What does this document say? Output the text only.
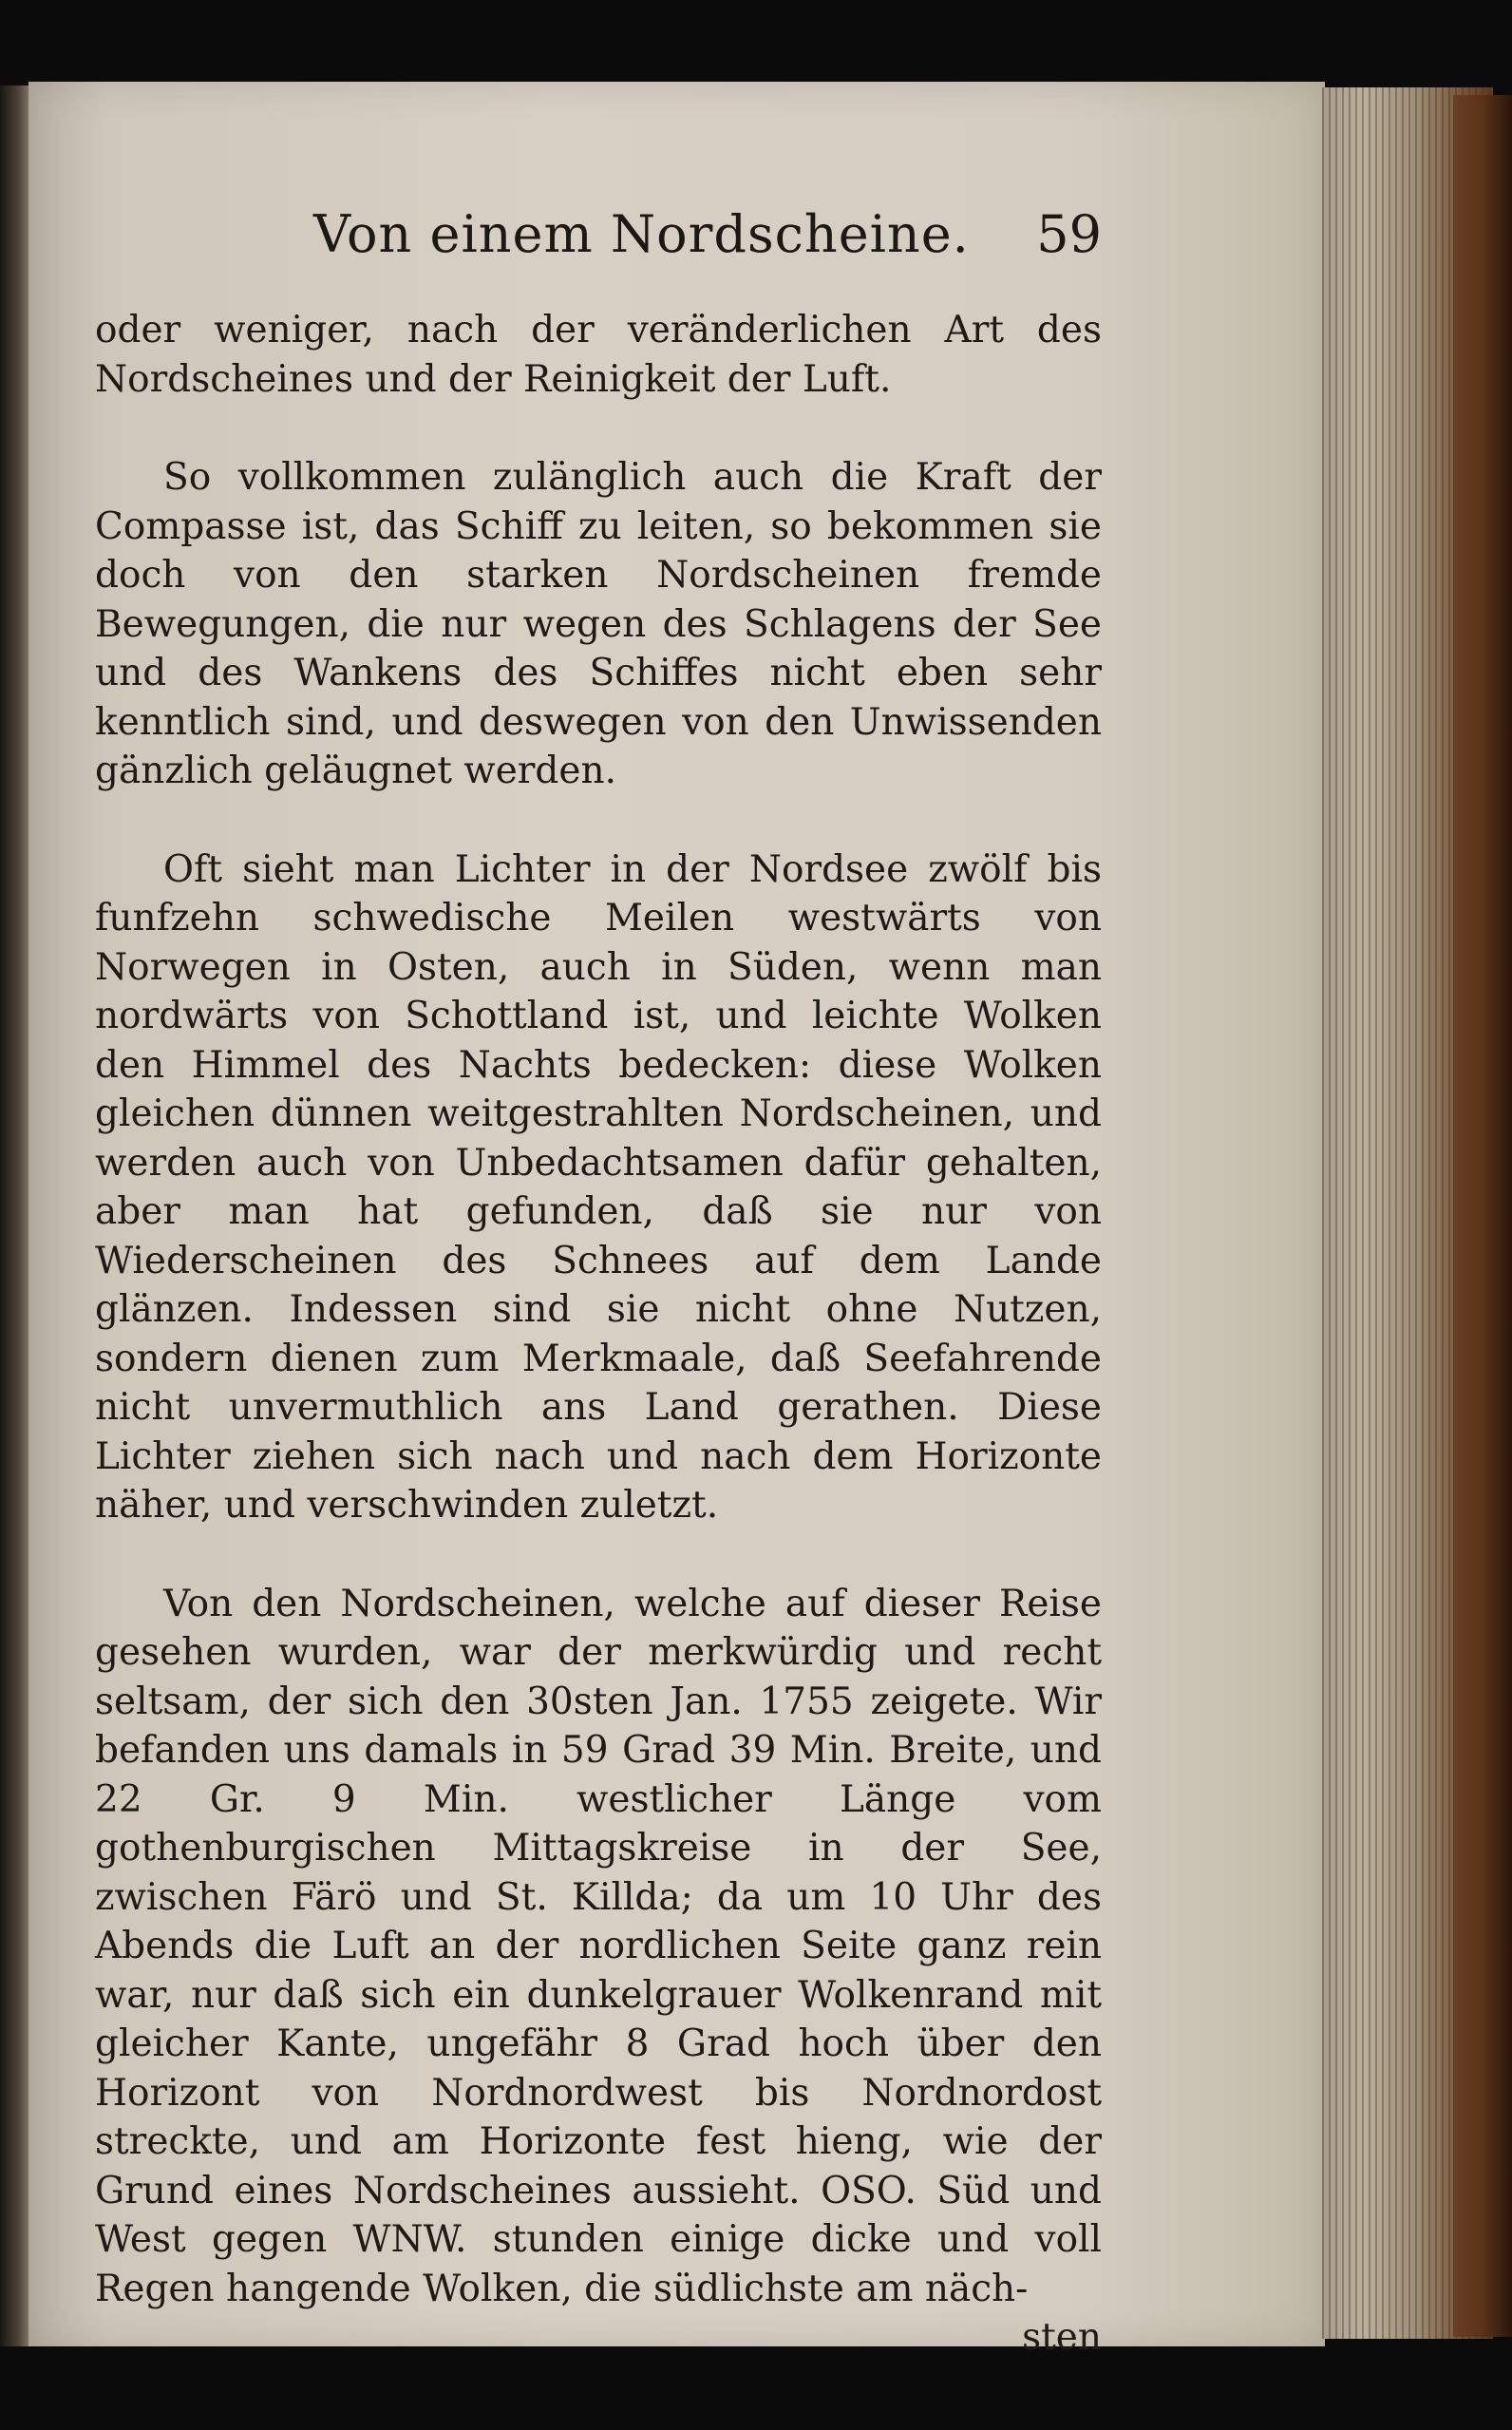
Von einem Nordscheine. 59

oder weniger, nach der veränderlichen Art des Nordscheines und der Reinigkeit der Luft.

So vollkommen zulänglich auch die Kraft der Compasse ist, das Schiff zu leiten, so bekommen sie doch von den starken Nordscheinen fremde Bewegungen, die nur wegen des Schlagens der See und des Wankens des Schiffes nicht eben sehr kenntlich sind, und deswegen von den Unwissenden gänzlich geläugnet werden.

Oft sieht man Lichter in der Nordsee zwölf bis funfzehn schwedische Meilen westwärts von Norwegen in Osten, auch in Süden, wenn man nordwärts von Schottland ist, und leichte Wolken den Himmel des Nachts bedecken: diese Wolken gleichen dünnen weitgestrahlten Nordscheinen, und werden auch von Unbedachtsamen dafür gehalten, aber man hat gefunden, daß sie nur von Wiederscheinen des Schnees auf dem Lande glänzen. Indessen sind sie nicht ohne Nutzen, sondern dienen zum Merkmaale, daß Seefahrende nicht unvermuthlich ans Land gerathen. Diese Lichter ziehen sich nach und nach dem Horizonte näher, und verschwinden zuletzt.

Von den Nordscheinen, welche auf dieser Reise gesehen wurden, war der merkwürdig und recht seltsam, der sich den 30sten Jan. 1755 zeigete. Wir befanden uns damals in 59 Grad 39 Min. Breite, und 22 Gr. 9 Min. westlicher Länge vom gothenburgischen Mittagskreise in der See, zwischen Färö und St. Killda; da um 10 Uhr des Abends die Luft an der nordlichen Seite ganz rein war, nur daß sich ein dunkelgrauer Wolkenrand mit gleicher Kante, ungefähr 8 Grad hoch über den Horizont von Nordnordwest bis Nordnordost streckte, und am Horizonte fest hieng, wie der Grund eines Nordscheines aussieht. OSO. Süd und West gegen WNW. stunden einige dicke und voll Regen hangende Wolken, die südlichste am näch-

sten
